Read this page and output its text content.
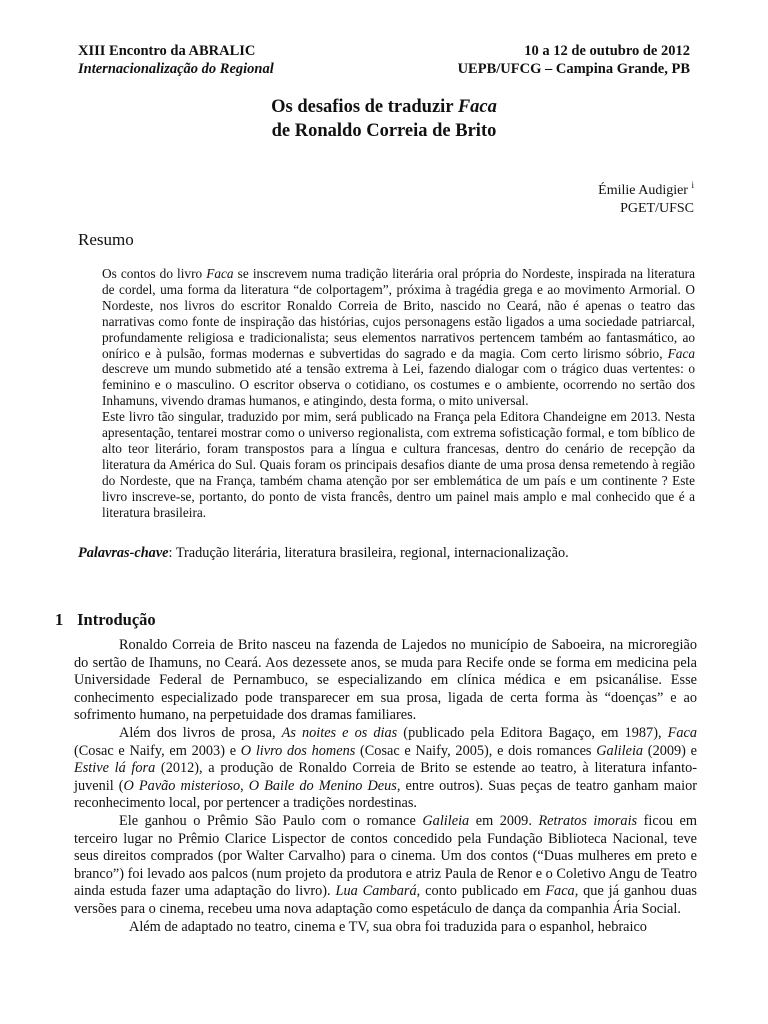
XIII Encontro da ABRALIC	10 a 12 de outubro de 2012
Internacionalização do Regional	UEPB/UFCG – Campina Grande, PB
Os desafios de traduzir Faca
de Ronaldo Correia de Brito
Émilie Audigier $^i$
PGET/UFSC
Resumo

Os contos do livro Faca se inscrevem numa tradição literária oral própria do Nordeste, inspirada na literatura de cordel, uma forma da literatura “de colportagem”, próxima à tragédia grega e ao movimento Armorial. O Nordeste, nos livros do escritor Ronaldo Correia de Brito, nascido no Ceará, não é apenas o teatro das narrativas como fonte de inspiração das histórias, cujos personagens estão ligados a uma sociedade patriarcal, profundamente religiosa e tradicionalista; seus elementos narrativos pertencem também ao fantasmático, ao onírico e à pulsão, formas modernas e subvertidas do sagrado e da magia. Com certo lirismo sóbrio, Faca descreve um mundo submetido até a tensão extrema à Lei, fazendo dialogar com o trágico duas vertentes: o feminino e o masculino. O escritor observa o cotidiano, os costumes e o ambiente, ocorrendo no sertão dos Inhamuns, vivendo dramas humanos, e atingindo, desta forma, o mito universal.

Este livro tão singular, traduzido por mim, será publicado na França pela Editora Chandeigne em 2013. Nesta apresentação, tentarei mostrar como o universo regionalista, com extrema sofisticação formal, e tom bíblico de alto teor literário, foram transpostos para a língua e cultura francesas, dentro do cenário de recepção da literatura da América do Sul. Quais foram os principais desafios diante de uma prosa densa remetendo à região do Nordeste, que na França, também chama atenção por ser emblemática de um país e um continente ? Este livro inscreve-se, portanto, do ponto de vista francês, dentro um painel mais amplo e mal conhecido que é a literatura brasileira.

Palavras-chave: Tradução literária, literatura brasileira, regional, internacionalização.
1 Introdução

Ronaldo Correia de Brito nasceu na fazenda de Lajedos no município de Saboeira, na microregião do sertão de Ihamuns, no Ceará. Aos dezessete anos, se muda para Recife onde se forma em medicina pela Universidade Federal de Pernambuco, se especializando em clínica médica e em psicanálise. Esse conhecimento especializado pode transparecer em sua prosa, ligada de certa forma às “doenças” e ao sofrimento humano, na perpetuidade dos dramas familiares.

Além dos livros de prosa, As noites e os dias (publicado pela Editora Bagaço, em 1987), Faca (Cosac e Naify, em 2003) e O livro dos homens (Cosac e Naify, 2005), e dois romances Galileia (2009) e Estive lá fora (2012), a produção de Ronaldo Correia de Brito se estende ao teatro, à literatura infanto-juvenil (O Pavão misterioso, O Baile do Menino Deus, entre outros). Suas peças de teatro ganham maior reconhecimento local, por pertencer a tradições nordestinas.

Ele ganhou o Prêmio São Paulo com o romance Galileia em 2009. Retratos imorais ficou em terceiro lugar no Prêmio Clarice Lispector de contos concedido pela Fundação Biblioteca Nacional, teve seus direitos comprados (por Walter Carvalho) para o cinema. Um dos contos (“Duas mulheres em preto e branco”) foi levado aos palcos (num projeto da produtora e atriz Paula de Renor e o Coletivo Angu de Teatro ainda estuda fazer uma adaptação do livro). Lua Cambará, conto publicado em Faca, que já ganhou duas versões para o cinema, recebeu uma nova adaptação como espetáculo de dança da companhia Ária Social.

Além de adaptado no teatro, cinema e TV, sua obra foi traduzida para o espanhol, hebraico
